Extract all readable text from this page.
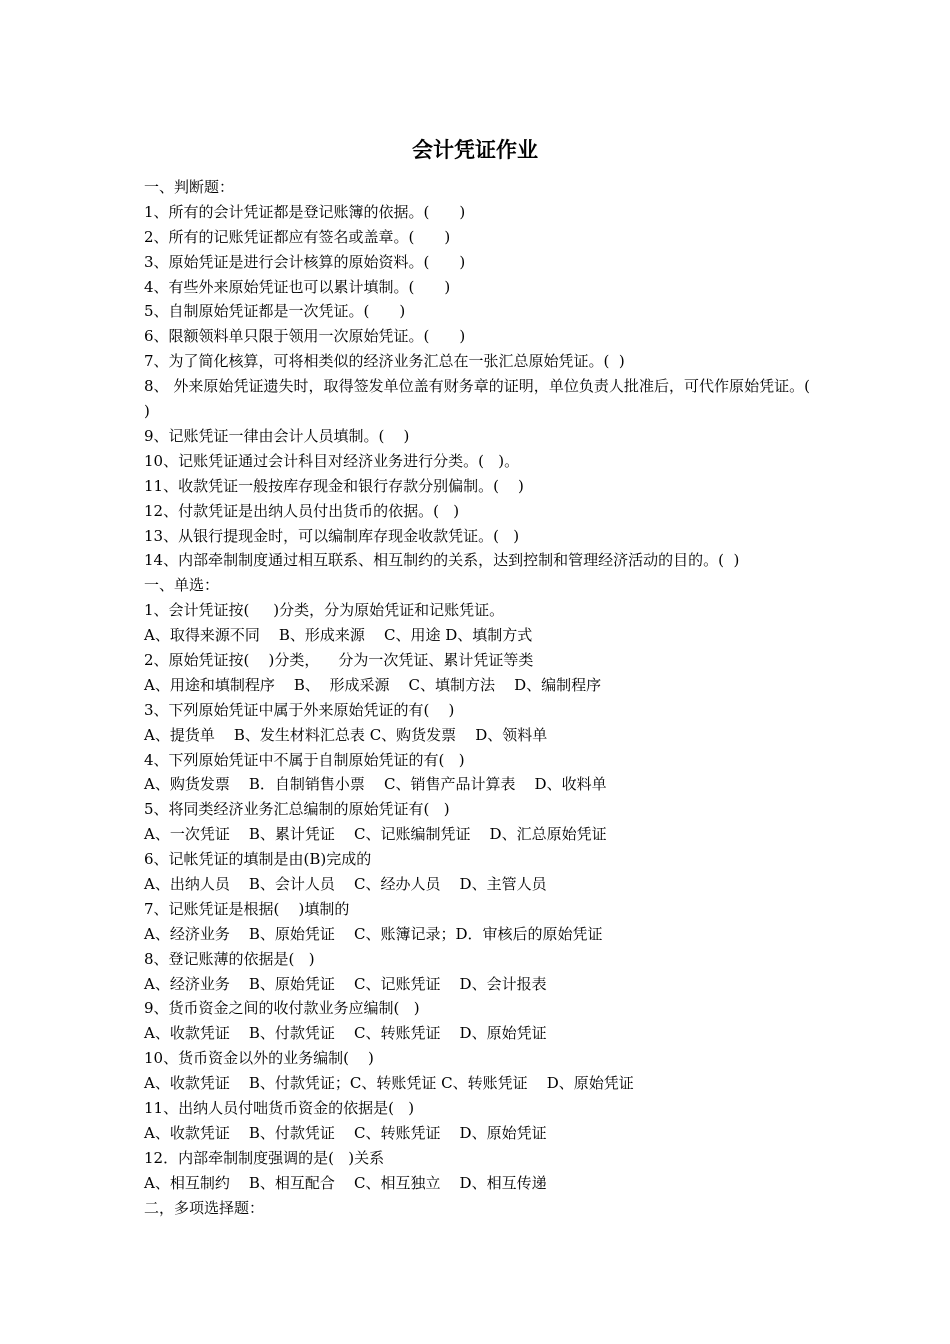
会计凭证作业
一、判断题：
1、所有的会计凭证都是登记账簿的依据。(　　)
2、所有的记账凭证都应有签名或盖章。(　　)
3、原始凭证是进行会计核算的原始资料。(　　)
4、有些外来原始凭证也可以累计填制。(　　)
5、自制原始凭证都是一次凭证。(　　)
6、限额领料单只限于领用一次原始凭证。(　　)
7、为了简化核算，可将相类似的经济业务汇总在一张汇总原始凭证。(  )
8、 外来原始凭证遗失时，取得签发单位盖有财务章的证明，单位负责人批准后，可代作原始凭证。( )
9、记账凭证一律由会计人员填制。(    )
10、记账凭证通过会计科目对经济业务进行分类。(   )。
11、收款凭证一般按库存现金和银行存款分别偏制。(    )
12、付款凭证是出纳人员付出货币的依据。(   )
13、从银行提现金时，可以编制库存现金收款凭证。(   )
14、内部牵制制度通过相互联系、相互制约的关系，达到控制和管理经济活动的目的。(  )
一、单选：
1、会计凭证按(     )分类，分为原始凭证和记账凭证。
A、取得来源不同    B、形成来源    C、用途 D、填制方式
2、原始凭证按(    )分类，    分为一次凭证、累计凭证等类
A、用途和填制程序    B、  形成采源    C、填制方法    D、编制程序
3、下列原始凭证中属于外来原始凭证的有(    )
A、提货单    B、发生材料汇总表 C、购货发票    D、领料单
4、下列原始凭证中不属于自制原始凭证的有(   )
A、购货发票    B．自制销售小票    C、销售产品计算表    D、收料单
5、将同类经济业务汇总编制的原始凭证有(   )
A、一次凭证    B、累计凭证    C、记账编制凭证    D、汇总原始凭证
6、记帐凭证的填制是由(B)完成的
A、出纳人员    B、会计人员    C、经办人员    D、主管人员
7、记账凭证是根据(    )填制的
A、经济业务    B、原始凭证    C、账簿记录；D．审核后的原始凭证
8、登记账薄的依据是(   )
A、经济业务    B、原始凭证    C、记账凭证    D、会计报表
9、货币资金之间的收付款业务应编制(   )
A、收款凭证    B、付款凭证    C、转账凭证    D、原始凭证
10、货币资金以外的业务编制(    )
A、收款凭证    B、付款凭证；C、转账凭证 C、转账凭证    D、原始凭证
11、出纳人员付咄货币资金的依据是(   )
A、收款凭证    B、付款凭证    C、转账凭证    D、原始凭证
12．内部牵制制度强调的是(   )关系
A、相互制约    B、相互配合    C、相互独立    D、相互传递
二，多项选择题：
